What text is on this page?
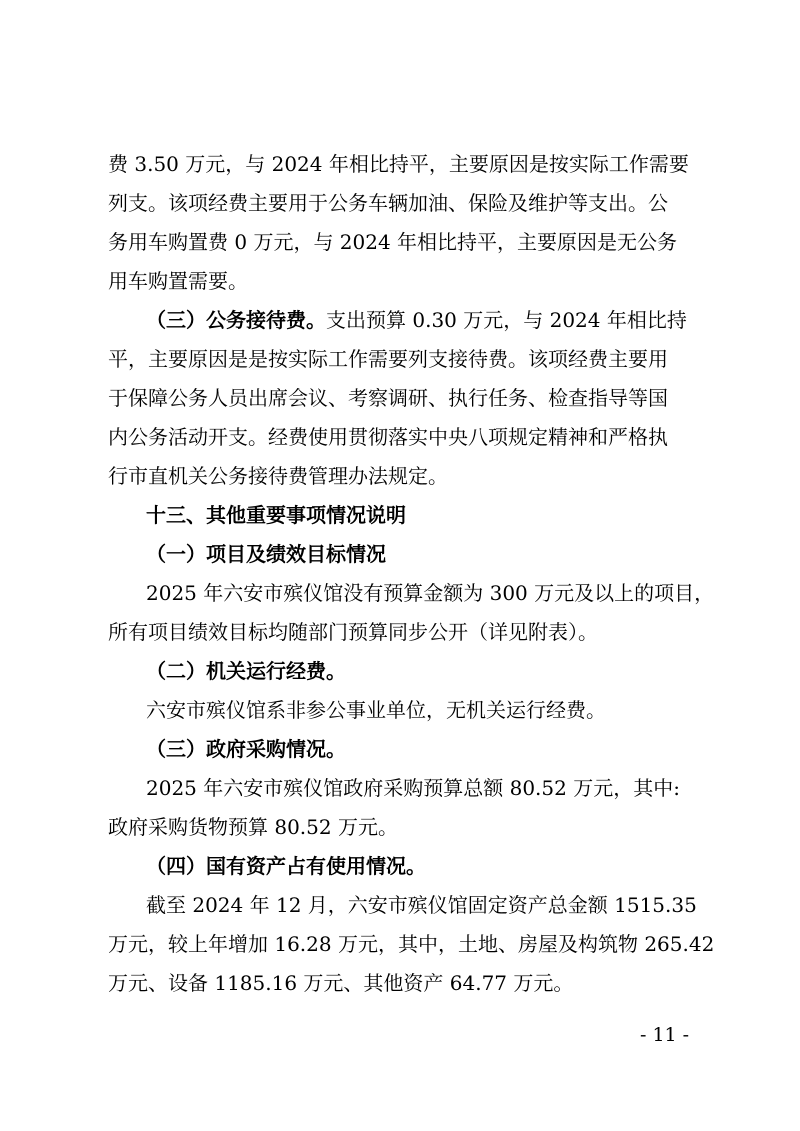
费 3.50 万元，与 2024 年相比持平，主要原因是按实际工作需要
列支。该项经费主要用于公务车辆加油、保险及维护等支出。公
务用车购置费 0 万元，与 2024 年相比持平，主要原因是无公务
用车购置需要。
（三）公务接待费。支出预算 0.30 万元，与 2024 年相比持
平，主要原因是是按实际工作需要列支接待费。该项经费主要用
于保障公务人员出席会议、考察调研、执行任务、检查指导等国
内公务活动开支。经费使用贯彻落实中央八项规定精神和严格执
行市直机关公务接待费管理办法规定。
十三、其他重要事项情况说明
（一）项目及绩效目标情况
2025 年六安市殡仪馆没有预算金额为 300 万元及以上的项目，
所有项目绩效目标均随部门预算同步公开（详见附表）。
（二）机关运行经费。
六安市殡仪馆系非参公事业单位，无机关运行经费。
（三）政府采购情况。
2025 年六安市殡仪馆政府采购预算总额 80.52 万元，其中:
政府采购货物预算 80.52 万元。
（四）国有资产占有使用情况。
截至 2024 年 12 月，六安市殡仪馆固定资产总金额 1515.35
万元，较上年增加 16.28 万元，其中，土地、房屋及构筑物 265.42
万元、设备 1185.16 万元、其他资产 64.77 万元。
- 11 -
